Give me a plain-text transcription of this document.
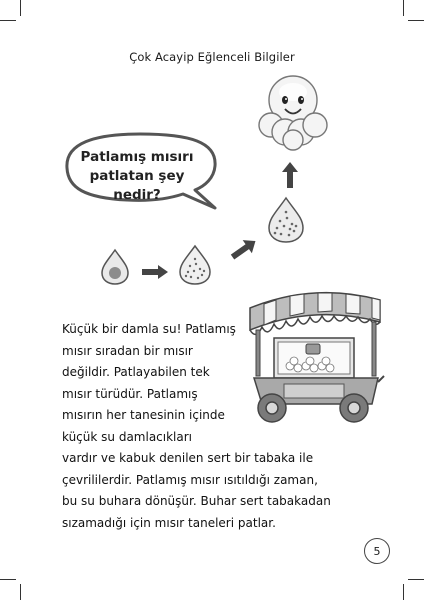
Çok Acayip Eğlenceli Bilgiler
Patlamış mısırı
patlatan şey
nedir?
Küçük bir damla su! Patlamış
mısır sıradan bir mısır
değildir. Patlayabilen tek
mısır türüdür. Patlamış
mısırın her tanesinin içinde
küçük su damlacıkları
vardır ve kabuk denilen sert bir tabaka ile
çevrililerdir. Patlamış mısır ısıtıldığı zaman,
bu su buhara dönüşür. Buhar sert tabakadan
sızamadığı için mısır taneleri patlar.
5
